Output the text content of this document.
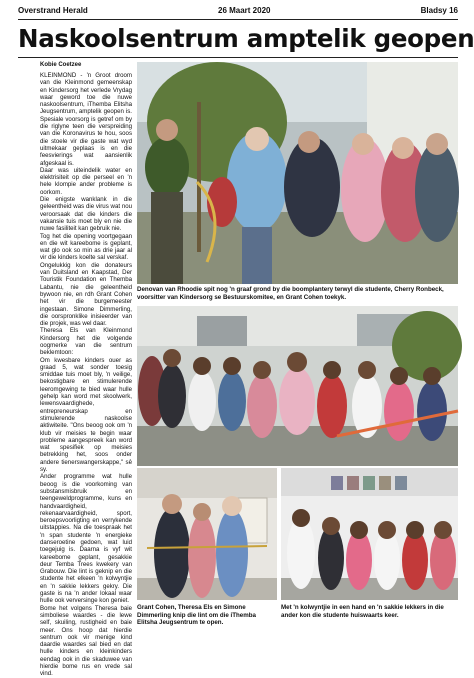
Overstrand Herald	26 Maart 2020	Bladsy 16
Naskoolsentrum amptelik geopen
Kobie Coetzee

KLEINMOND - 'n Groot droom van die Kleinmond gemeenskap en Kindersorg het verlede Vrydag waar geword toe die nuwe naskoolsentrum, iThemba Elitsha Jeugsentrum, amptelik geopen is. Spesiale voorsorg is getref om by die riglyne teen die verspreiding van die Koronavirus te hou, soos die stoele vir die gaste wat wyd uitmekaar geplaas is en die feesvierings wat aansienlik afgeskaal is.

Daar was uiteindelik water en elektrisiteit op die perseel en 'n hele klompie ander probleme is oorkom.

Die enigste wanklank in die geleentheid was die virus wat nou veroorsaak dat die kinders die vakansie tuis moet bly en nie die nuwe fasiliteit kan gebruik nie.

Tog het die opening voortgegaan en die wit kareebome is geplant, wat glo ook so min as drie jaar al vir die kinders koelte sal verskaf.

Ongelukkig kon die donateurs van Duitsland en Kaapstad, Der Touristik Foundation en Themba Labantu, nie die geleentheid bywoon nie, en rdh Grant Cohen het vir die burgemeester ingestaan. Simone Dimmerling, die oorspronklike inisieerder van die projek, was wel daar.

Theresa Els van Kleinmond Kindersorg het die volgende oogmerke van die sentrum beklemtoon:

Om kwesbare kinders ouer as graad 5, wat sonder toesig smiddae tuis moet bly, 'n veilige, bekostigbare en stimulerende leeromgewing te bied waar hulle gehelp kan word met skoolwerk, lewensvaardighede, entrepreneurskap en stimulerende naskoolse aktiwiteite. "Ons beoog ook om 'n klub vir meisies te begin waar probleme aangespreek kan word wat spesifiek op meisies betrekking het, soos onder andere tienerswangerskappe," sê sy.

Ander programme wat hulle beoog is die voorkoming van substansmisbruik en teengeweldprogramme, kuns en handvaardigheid, rekenaarvaardigheid, sport, beroepsvoorligting en verrykende uitstappies. Na die toespraak het 'n span studente 'n energieke danseroetine gedoen, wat luid toegejuig is. Daarna is vyf wit kareebome geplant, gesakkie deur Temba Trees kwekery van Grabouw. Die lint is geknip en die studente het elkeen 'n kolwyntjie en 'n sakkie lekkers gekry. Die gaste is na 'n ander lokaal waar hulle ook verversinge kon geniet.

Bome het volgens Theresa baie simboliese waardes - die lewe self, skuiling, rustigheid en baie meer. Ons hoop dat hierdie sentrum ook vir menige kind daardie waardes sal bied en dat hulle kinders en kleinkinders eendag ook in die skaduwee van hierdie bome rus en vrede sal vind.

Denovan van Rhoodie spit nog 'n graaf grond by die boomplantery terwyl die studente, Cherry Ronbeck, voorsitter van Kindersorg se Bestuurskomitee, en Grant Cohen toekyk.
Grant Cohen, Theresa Els en Simone Dimmerling knip die lint om die iThemba Elitsha Jeugsentrum te open.
Met 'n kolwyntjie in een hand en 'n sakkie lekkers in die ander kon die studente huiswaarts keer.
